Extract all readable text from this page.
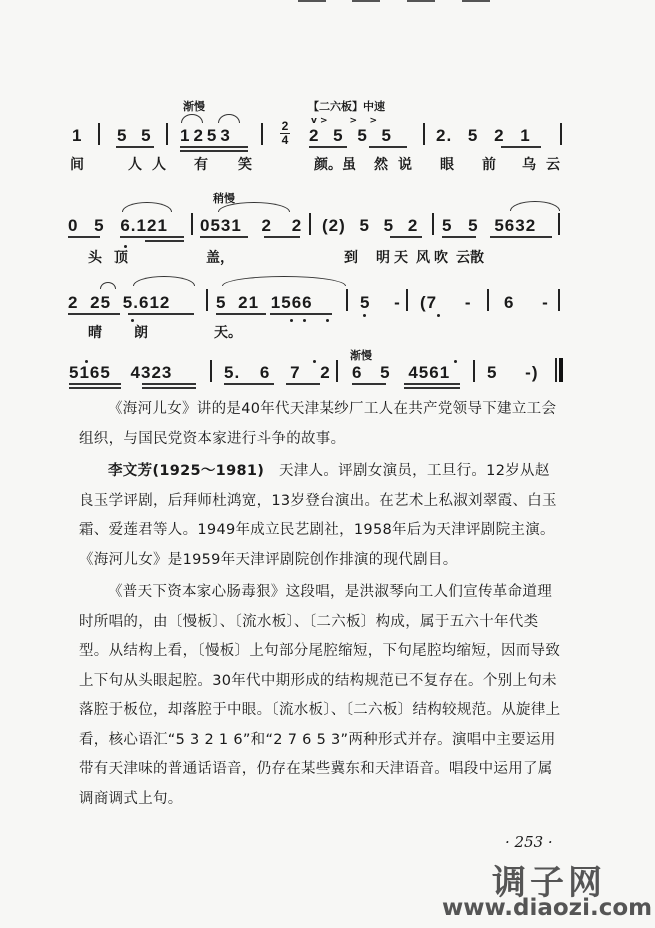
渐慢	【二六板】中速
1 5 5 1253	2
4
v >       >    >
2 5 5 5	2. 5 2 1
间	人 人 有 笑	颜。虽 然 说 眼 前 乌 云
稍慢
0 5 6.121 0531 2 2 (2) 5 5 2 5 5 5632
头 顶	盖，	到 明 天 风 吹 云散
2 25 5.612	5 21 1566	5 - (7 - 6 -
晴 朗	天。
渐慢
5165 4323	5. 6 7 2 6 5 4561 5 -)

《海河儿女》讲的是40年代天津某纱厂工人在共产党领导下建立工会组织，与国民党资本家进行斗争的故事。

李文芳(1925～1981)　天津人。评剧女演员，工旦行。12岁从赵良玉学评剧，后拜师杜鸿宽，13岁登台演出。在艺术上私淑刘翠霞、白玉霜、爱莲君等人。1949年成立民艺剧社，1958年后为天津评剧院主演。《海河儿女》是1959年天津评剧院创作排演的现代剧目。

《普天下资本家心肠毒狠》这段唱，是洪淑琴向工人们宣传革命道理时所唱的，由〔慢板〕、〔流水板〕、〔二六板〕构成，属于五六十年代类型。从结构上看，〔慢板〕上句部分尾腔缩短，下句尾腔均缩短，因而导致上下句从头眼起腔。30年代中期形成的结构规范已不复存在。个别上句未落腔于板位，却落腔于中眼。〔流水板〕、〔二六板〕结构较规范。从旋律上看，核心语汇“5 3 2 1 6”和“2 7 6 5 3”两种形式并存。演唱中主要运用带有天津味的普通话语音，仍存在某些冀东和天津语音。唱段中运用了属调商调式上句。

· 253 ·
调子网
www.diaozi.com
